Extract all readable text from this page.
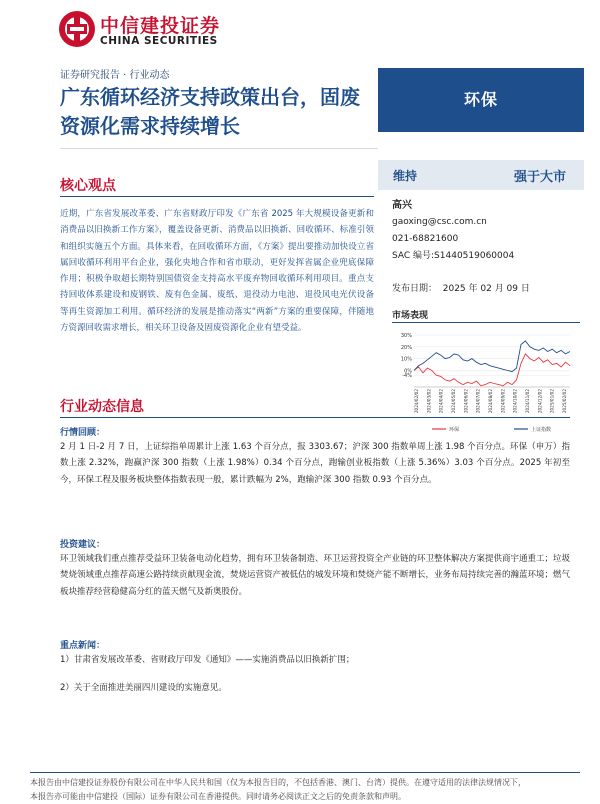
中信建投证券
CHINA SECURITIES
证券研究报告 · 行业动态
广东循环经济支持政策出台，固废资源化需求持续增长
环保
维持	强于大市
高兴
gaoxing@csc.com.cn
021-68821600
SAC 编号:S1440519060004
发布日期： 2025 年 02 月 09 日
市场表现
30%
20%
10%
0%
-4%
2024/02/02 2024/03/02 2024/04/02 2024/05/02 2024/06/02 2024/07/02 2024/08/02 2024/09/02 2024/10/02 2024/11/02 2024/12/02 2025/01/02 2025/02/02
环保	上证指数
核心观点
近期，广东省发展改革委、广东省财政厅印发《广东省 2025 年大规模设备更新和消费品以旧换新工作方案》，覆盖设备更新、消费品以旧换新、回收循环、标准引领和组织实施五个方面。具体来看，在回收循环方面，《方案》提出要推动加快设立省属回收循环利用平台企业，强化央地合作和省市联动，更好发挥省属企业兜底保障作用；积极争取超长期特别国债资金支持高水平废弃物回收循环利用项目。重点支持回收体系建设和废钢铁、废有色金属、废纸、退役动力电池、退役风电光伏设备等再生资源加工利用。循环经济的发展是推动落实“两新”方案的重要保障，伴随地方资源回收需求增长，相关环卫设备及固废资源化企业有望受益。
行业动态信息
行情回顾：
2 月 1 日-2 月 7 日，上证综指单周累计上涨 1.63 个百分点，报 3303.67；沪深 300 指数单周上涨 1.98 个百分点。环保（申万）指数上涨 2.32%，跑赢沪深 300 指数（上涨 1.98%）0.34 个百分点，跑输创业板指数（上涨 5.36%）3.03 个百分点。2025 年初至今，环保工程及服务板块整体指数表现一般，累计跌幅为 2%，跑输沪深 300 指数 0.93 个百分点。
投资建议：
环卫领域我们重点推荐受益环卫装备电动化趋势，拥有环卫装备制造、环卫运营投资全产业链的环卫整体解决方案提供商宇通重工；垃圾焚烧领域重点推荐高速公路持续贡献现金流，焚烧运营资产被低估的城发环境和焚烧产能不断增长，业务布局持续完善的瀚蓝环境；燃气板块推荐经营稳健高分红的蓝天燃气及新奥股份。
重点新闻：
1）甘肃省发展改革委、省财政厅印发《通知》——实施消费品以旧换新扩围；
2）关于全面推进美丽四川建设的实施意见。
本报告由中信建投证券股份有限公司在中华人民共和国（仅为本报告目的，不包括香港、澳门、台湾）提供。在遵守适用的法律法规情况下，
本报告亦可能由中信建投（国际）证券有限公司在香港提供。同时请务必阅读正文之后的免责条款和声明。
